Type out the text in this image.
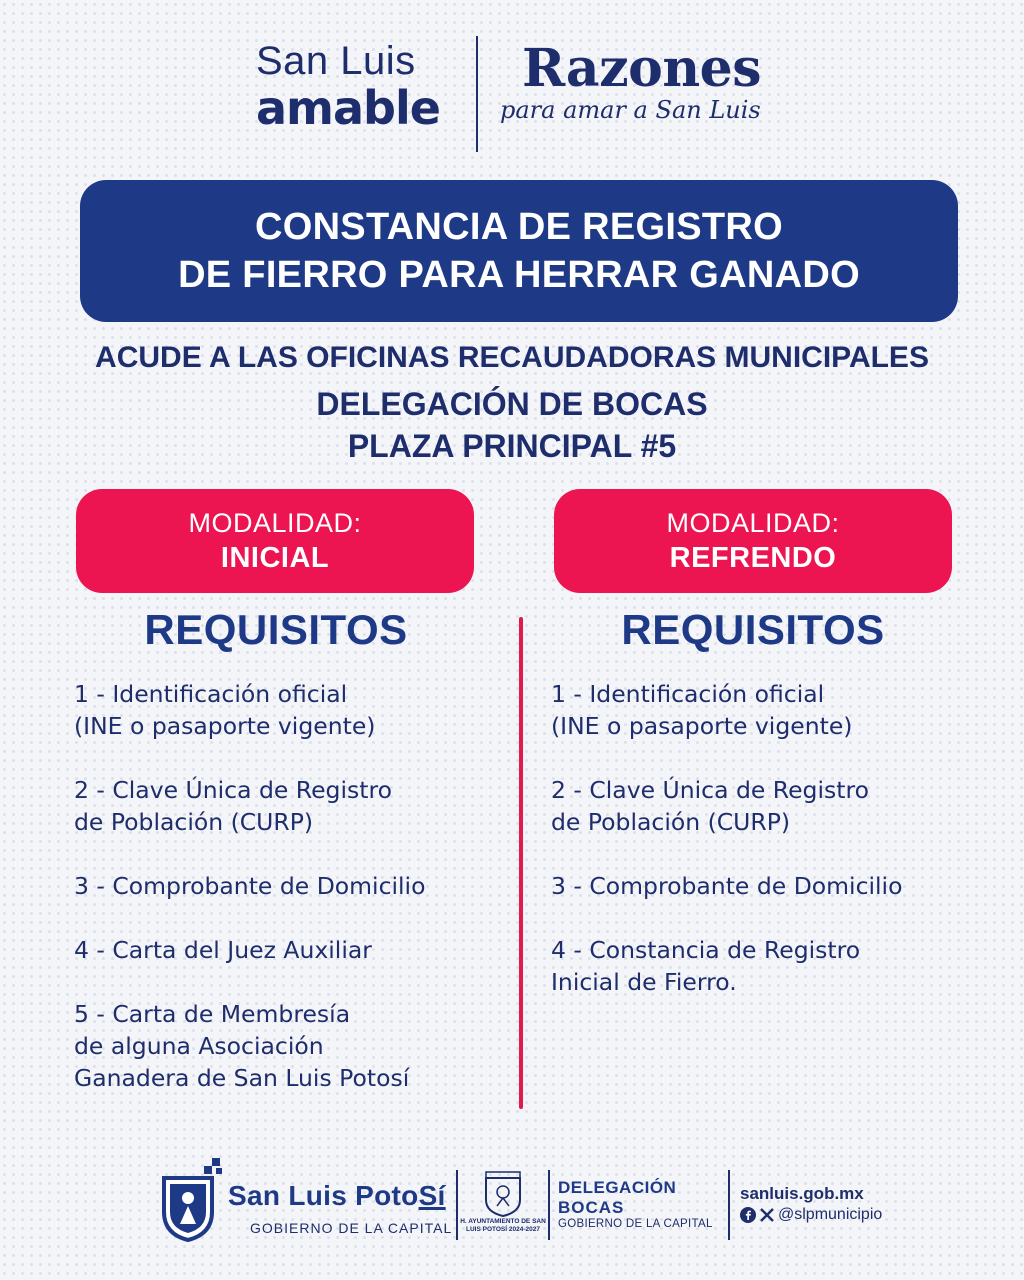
San Luis
amable
Razones
para amar a San Luis
CONSTANCIA DE REGISTRO
DE FIERRO PARA HERRAR GANADO
ACUDE A LAS OFICINAS RECAUDADORAS MUNICIPALES
DELEGACIÓN DE BOCAS
PLAZA PRINCIPAL #5
MODALIDAD:
INICIAL
MODALIDAD:
REFRENDO
REQUISITOS	REQUISITOS
1 - Identificación oficial
(INE o pasaporte vigente)
2 - Clave Única de Registro
de Población (CURP)
3 - Comprobante de Domicilio
4 - Carta del Juez Auxiliar
5 - Carta de Membresía
de alguna Asociación
Ganadera de San Luis Potosí
1 - Identificación oficial
(INE o pasaporte vigente)
2 - Clave Única de Registro
de Población (CURP)
3 - Comprobante de Domicilio
4 - Constancia de Registro
Inicial de Fierro.
San Luis PotoSí
GOBIERNO DE LA CAPITAL H. AYUNTAMIENTO DE SAN LUIS POTOSÍ 2024-2027
DELEGACIÓN
BOCAS
GOBIERNO DE LA CAPITAL
sanluis.gob.mx
@slpmunicipio
